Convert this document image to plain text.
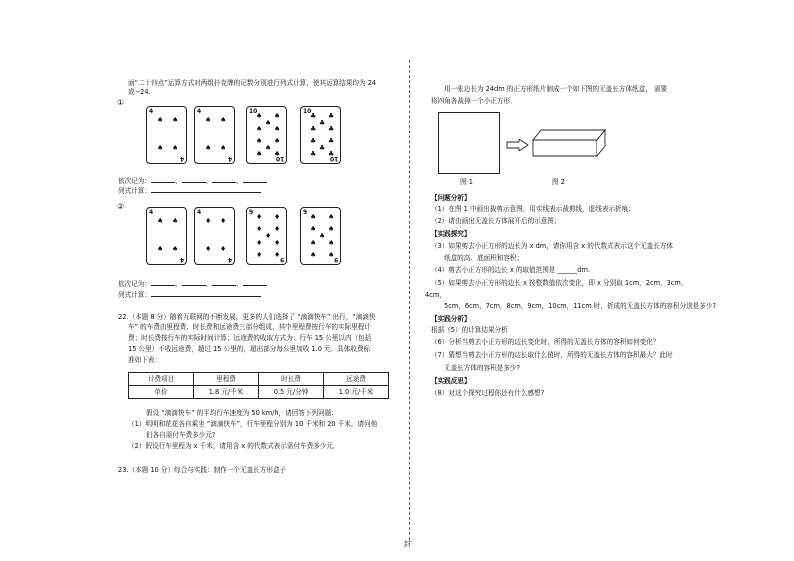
面“二十四点”运算方式对两组扑克牌的记数分别进行列式计算，使其运算结果均为 24
或−24.
①
4
4
♠ ♠
♠ ♠
4
4
♠ ♠
♠ ♠
10
10
♠ ♠
♠
♠ ♠
♠ ♠
♠
♠ ♠
10
10
♣ ♣
♣
♣ ♣
♣ ♣
♣
♣ ♣
4
4
♠ ♠
♠ ♠
4
4
♦ ♦
♦ ♦
9
9
♦ ♦
♦ ♦
♦
♦ ♦
♦ ♦
9
9
♠ ♠
♠ ♠
♠
♠ ♠
♠ ♠
依次记为：	、	、	、
列式计算：
②
依次记为：	、	、	、
列式计算：
22.（本题 8 分）随着互联网的不断发展，更多的人们选择了 “滴滴快车” 出行，“滴滴快
车” 的车费由里程费、时长费和远途费三部分组成，其中里程费按行车的实际里程计
费；时长费按行车的实际时间计算；远途费的收取方式为：行车 15 公里以内（包括
15 公里）不收远途费，超过 15 公里的，超出部分每公里加收 1.0 元．具体收费标
准如下表：
计费项目	里程费	时长费	远途费
单价	1.8 元/千米	0.5 元/分钟	1.0 元/千米
假设 “滴滴快车” 的平均行车速度为 50 km/h，请回答下列问题：
（1）明明和花花各自乘坐 “滴滴快车”，行车里程分别为 10 千米和 20 千米，请问他
们各自需付车费多少元?
（2）假设行车里程为 x 千米，请用含 x 的代数式表示需付车费多少元．
23.（本题 10 分）综合与实践：制作一个无盖长方形盒子
封
用一张边长为 24dm 的正方形纸片制成一个如下图的无盖长方体纸盒， 需要
将四角各裁掉一个小正方形．
图 1	图 2
【问题分析】
（1）在图 1 中画出裁剪示意图，用实线表示裁剪线，虚线表示折痕；
（2）请由画出无盖长方体展开后的示意图；
【实践探究】
（3）如果剪去小正方形的边长为 x dm，请你用含 x 的代数式表示这个无盖长方体
纸盒的高、底面积和容积；
（4）剪去小正方形的边长 x 的取值范围是 ______dm.
（5）如果剪去小正方形的边长 x 按整数值依次变化，即 x 分别取 1cm，2cm，3cm，
4cm，
5cm，6cm，7cm，8cm，9cm，10cm，11cm 时，折成的无盖长方体的容积分别是多少?
【实践分析】
根据（5）的计算结果分析
（6）分析当剪去小正方形的边长变化时，所得的无盖长方体的容积如何变化？
（7）猜想当剪去小正方形的边长取什么值时，所得的无盖长方体的容积最大？此时
无盖长方体的容积是多少?
【实践反思】
（8）对这个探究过程你还有什么感想?
